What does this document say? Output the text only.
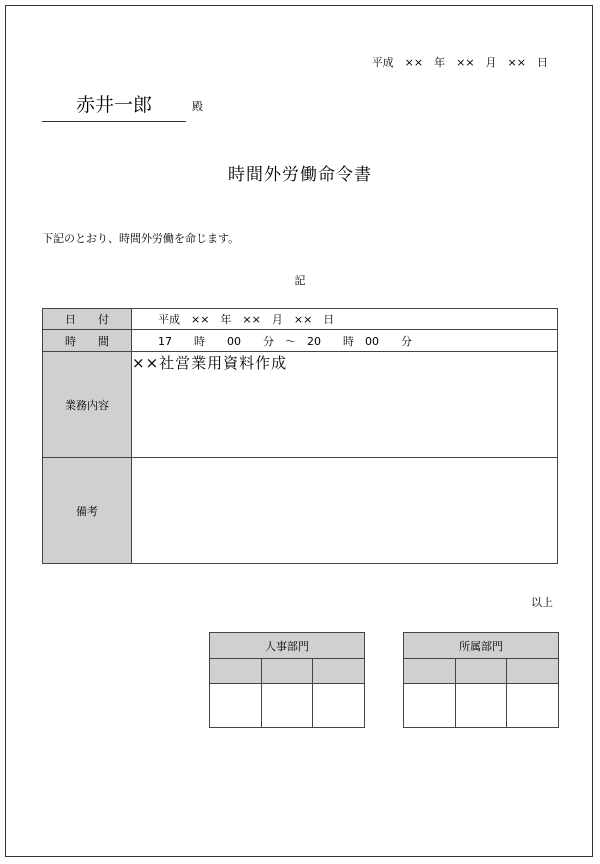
平成　××　年　××　月　××　日
赤井一郎	殿
時間外労働命令書
下記のとおり、時間外労働を命じます。
記
日　　付	平成　××　年　××　月　××　日
時　　間	17　　時　　00　　分　～　20　　時　00　　分
業務内容	××社営業用資料作成
備考	
以上
人事部門		

			所属部門		
